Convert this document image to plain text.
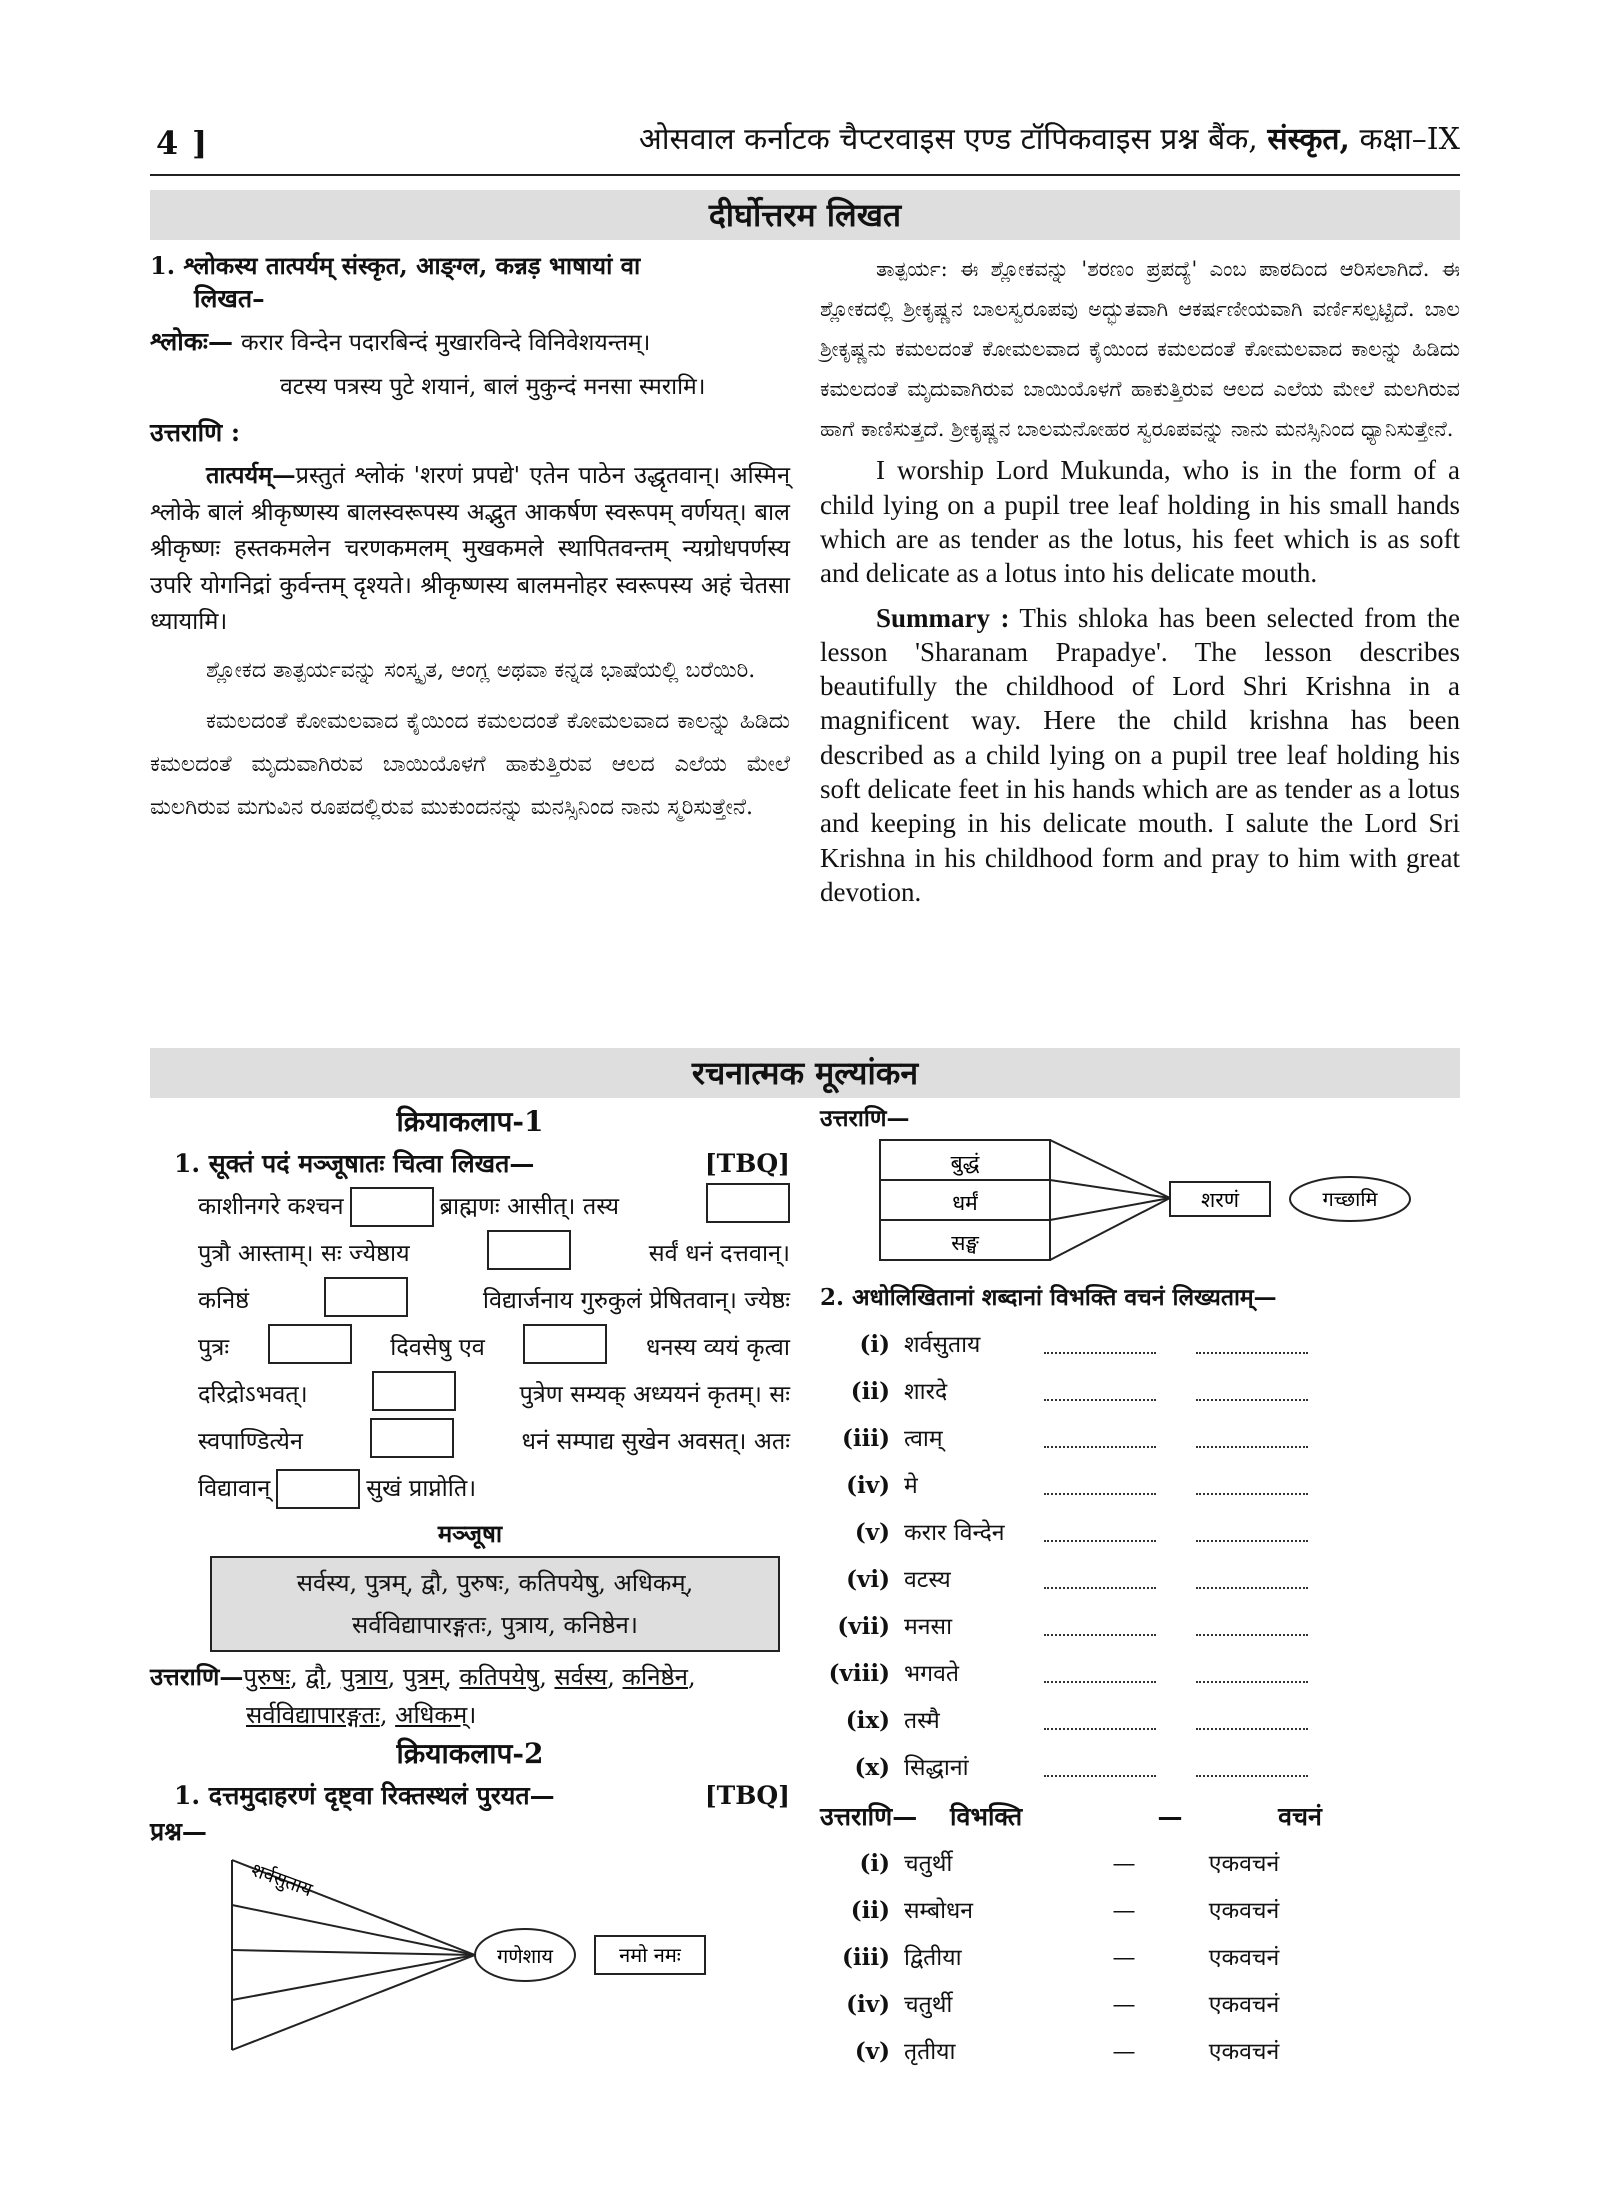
4 ]	ओसवाल कर्नाटक चैप्टरवाइस एण्ड टॉपिकवाइस प्रश्न बैंक, संस्कृत, कक्षा–IX
दीर्घोत्तरम लिखत

1. श्लोकस्य तात्पर्यम् संस्कृत, आङ्ग्ल, कन्नड़ भाषायां वा

लिखत–

श्लोकः— करार विन्देन पदारबिन्दं मुखारविन्दे विनिवेशयन्तम्।

वटस्य पत्रस्य पुटे शयानं, बालं मुकुन्दं मनसा स्मरामि।

उत्तराणि :

तात्पर्यम्—प्रस्तुतं श्लोकं 'शरणं प्रपद्ये' एतेन पाठेन उद्धृतवान्। अस्मिन् श्लोके बालं श्रीकृष्णस्य बालस्वरूपस्य अद्भुत आकर्षण स्वरूपम् वर्णयत्। बाल श्रीकृष्णः हस्तकमलेन चरणकमलम् मुखकमले स्थापितवन्तम् न्यग्रोधपर्णस्य उपरि योगनिद्रां कुर्वन्तम् दृश्यते। श्रीकृष्णस्य बालमनोहर स्वरूपस्य अहं चेतसा ध्यायामि।

ಶ್ಲೋಕದ ತಾತ್ಪರ್ಯವನ್ನು ಸಂಸ್ಕೃತ, ಆಂಗ್ಲ ಅಥವಾ ಕನ್ನಡ ಭಾಷೆಯಲ್ಲಿ ಬರೆಯಿರಿ.

ಕಮಲದಂತೆ ಕೋಮಲವಾದ ಕೈಯಿಂದ ಕಮಲದಂತೆ ಕೋಮಲವಾದ ಕಾಲನ್ನು ಹಿಡಿದು ಕಮಲದಂತೆ ಮೃದುವಾಗಿರುವ ಬಾಯಿಯೊಳಗೆ ಹಾಕುತ್ತಿರುವ ಆಲದ ಎಲೆಯ ಮೇಲೆ ಮಲಗಿರುವ ಮಗುವಿನ ರೂಪದಲ್ಲಿರುವ ಮುಕುಂದನನ್ನು ಮನಸ್ಸಿನಿಂದ ನಾನು ಸ್ಮರಿಸುತ್ತೇನೆ.

ತಾತ್ಪರ್ಯ: ಈ ಶ್ಲೋಕವನ್ನು 'ಶರಣಂ ಪ್ರಪದ್ಯೆ' ಎಂಬ ಪಾಠದಿಂದ ಆರಿಸಲಾಗಿದೆ. ಈ ಶ್ಲೋಕದಲ್ಲಿ ಶ್ರೀಕೃಷ್ಣನ ಬಾಲಸ್ವರೂಪವು ಅದ್ಭುತವಾಗಿ ಆಕರ್ಷಣೀಯವಾಗಿ ವರ್ಣಿಸಲ್ಪಟ್ಟಿದೆ. ಬಾಲ ಶ್ರೀಕೃಷ್ಣನು ಕಮಲದಂತೆ ಕೋಮಲವಾದ ಕೈಯಿಂದ ಕಮಲದಂತೆ ಕೋಮಲವಾದ ಕಾಲನ್ನು ಹಿಡಿದು ಕಮಲದಂತೆ ಮೃದುವಾಗಿರುವ ಬಾಯಿಯೊಳಗೆ ಹಾಕುತ್ತಿರುವ ಆಲದ ಎಲೆಯ ಮೇಲೆ ಮಲಗಿರುವ ಹಾಗೆ ಕಾಣಿಸುತ್ತದೆ. ಶ್ರೀಕೃಷ್ಣನ ಬಾಲಮನೋಹರ ಸ್ವರೂಪವನ್ನು ನಾನು ಮನಸ್ಸಿನಿಂದ ಧ್ಯಾನಿಸುತ್ತೇನೆ.

I worship Lord Mukunda, who is in the form of a child lying on a pupil tree leaf holding in his small hands which are as tender as the lotus, his feet which is as soft and delicate as a lotus into his delicate mouth.

Summary : This shloka has been selected from the lesson 'Sharanam Prapadye'. The lesson describes beautifully the childhood of Lord Shri Krishna in a magnificent way. Here the child krishna has been described as a child lying on a pupil tree leaf holding his soft delicate feet in his hands which are as tender as a lotus and keeping in his delicate mouth. I salute the Lord Sri Krishna in his childhood form and pray to him with great devotion.

रचनात्मक मूल्यांकन

क्रियाकलाप-1

1. सूक्तं पदं मञ्जूषातः चित्वा लिखत—	[TBQ]
काशीनगरे कश्चन	ब्राह्मणः आसीत्। तस्य
पुत्रौ आस्ताम्। सः ज्येष्ठाय	सर्वं धनं दत्तवान्।
कनिष्ठं	विद्यार्जनाय गुरुकुलं प्रेषितवान्। ज्येष्ठः
पुत्रः	दिवसेषु एव	धनस्य व्ययं कृत्वा
दरिद्रोऽभवत्।	पुत्रेण सम्यक् अध्ययनं कृतम्। सः
स्वपाण्डित्येन	धनं सम्पाद्य सुखेन अवसत्। अतः
विद्यावान्	सुखं प्राप्नोति।

मञ्जूषा

सर्वस्य, पुत्रम्, द्वौ, पुरुषः, कतिपयेषु, अधिकम्,

सर्वविद्यापारङ्गतः, पुत्राय, कनिष्ठेन।

उत्तराणि—पुरुषः, द्वौ, पुत्राय, पुत्रम्, कतिपयेषु, सर्वस्य, कनिष्ठेन,
सर्वविद्यापारङ्गतः, अधिकम्।

क्रियाकलाप-2

1. दत्तमुदाहरणं दृष्ट्वा रिक्तस्थलं पुरयत—	[TBQ]

प्रश्न—

शर्वसुताय
गणेशाय	नमो नमः

उत्तराणि—

बुद्धं
धर्मं
सङ्घ
शरणं	गच्छामि

2. अधोलिखितानां शब्दानां विभक्ति वचनं लिख्यताम्—

(i) शर्वसुताय
(ii) शारदे
(iii) त्वाम्
(iv) मे
(v) करार विन्देन
(vi) वटस्य
(vii) मनसा
(viii) भगवते
(ix) तस्मै
(x) सिद्धानां
उत्तराणि—	विभक्ति	—	वचनं
(i) चतुर्थी	—	एकवचनं
(ii) सम्बोधन	—	एकवचनं
(iii) द्वितीया	—	एकवचनं
(iv) चतुर्थी	—	एकवचनं
(v) तृतीया	—	एकवचनं
